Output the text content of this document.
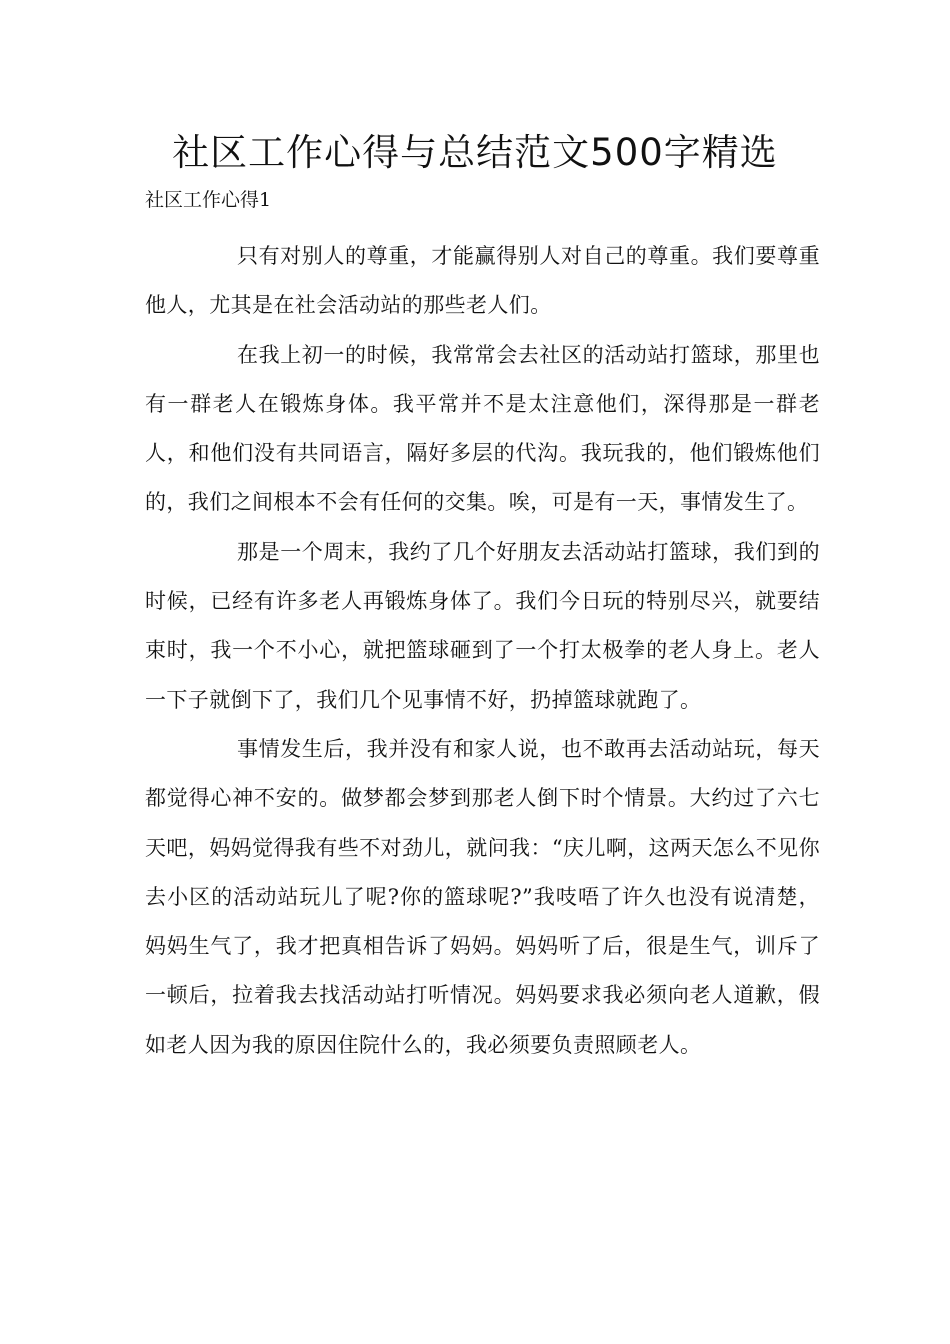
社区工作心得与总结范文500字精选

社区工作心得1

只有对别人的尊重，才能赢得别人对自己的尊重。我们要尊重他人，尤其是在社会活动站的那些老人们。

在我上初一的时候，我常常会去社区的活动站打篮球，那里也有一群老人在锻炼身体。我平常并不是太注意他们，深得那是一群老人，和他们没有共同语言，隔好多层的代沟。我玩我的，他们锻炼他们的，我们之间根本不会有任何的交集。唉，可是有一天，事情发生了。

那是一个周末，我约了几个好朋友去活动站打篮球，我们到的时候，已经有许多老人再锻炼身体了。我们今日玩的特别尽兴，就要结束时，我一个不小心，就把篮球砸到了一个打太极拳的老人身上。老人一下子就倒下了，我们几个见事情不好，扔掉篮球就跑了。

事情发生后，我并没有和家人说，也不敢再去活动站玩，每天都觉得心神不安的。做梦都会梦到那老人倒下时个情景。大约过了六七天吧，妈妈觉得我有些不对劲儿，就问我：“庆儿啊，这两天怎么不见你去小区的活动站玩儿了呢?你的篮球呢?”我吱唔了许久也没有说清楚，妈妈生气了，我才把真相告诉了妈妈。妈妈听了后，很是生气，训斥了一顿后，拉着我去找活动站打听情况。妈妈要求我必须向老人道歉，假如老人因为我的原因住院什么的，我必须要负责照顾老人。
